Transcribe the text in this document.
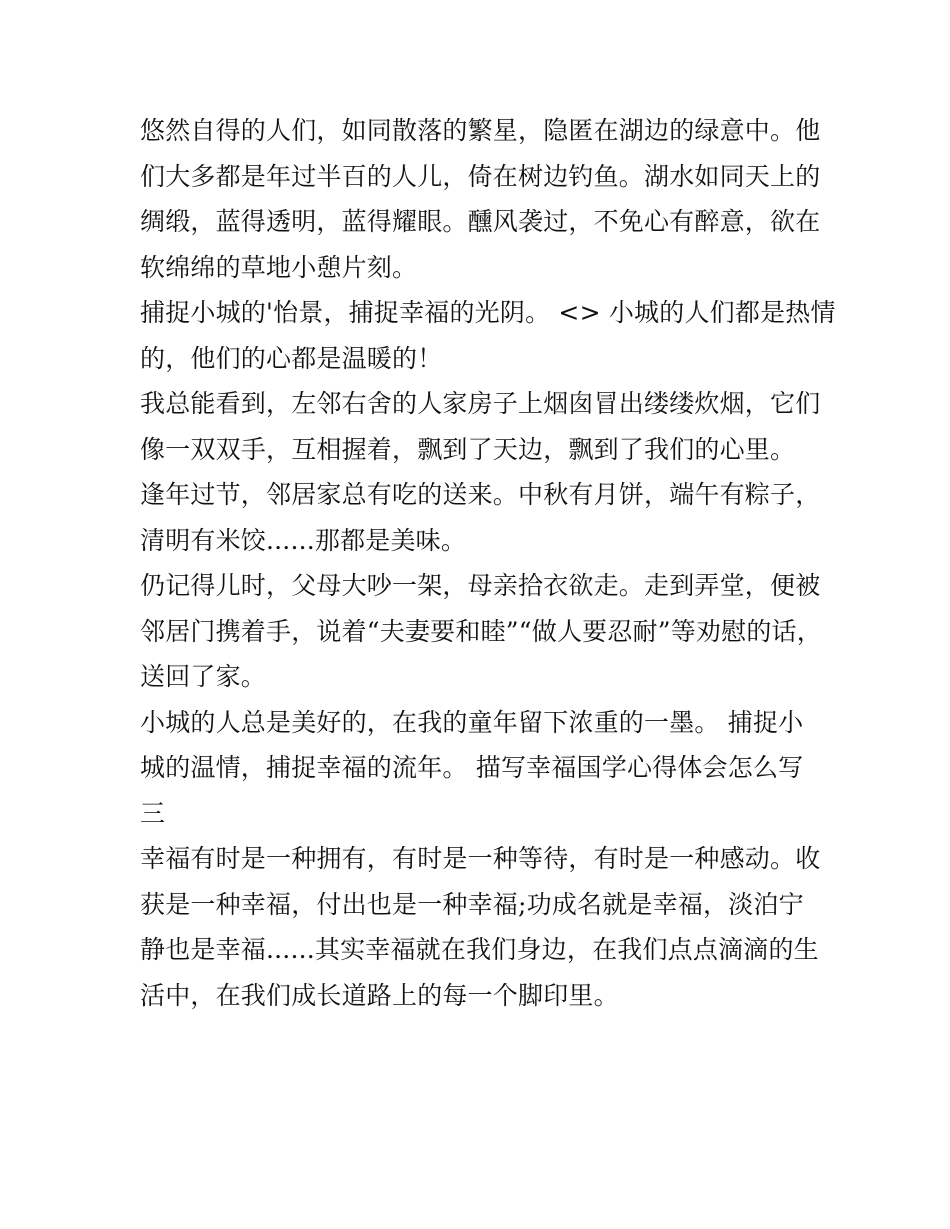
悠然自得的人们，如同散落的繁星，隐匿在湖边的绿意中。他
们大多都是年过半百的人儿，倚在树边钓鱼。湖水如同天上的
绸缎，蓝得透明，蓝得耀眼。醺风袭过，不免心有醉意，欲在
软绵绵的草地小憩片刻。

捕捉小城的'怡景，捕捉幸福的光阴。 <> 小城的人们都是热情
的，他们的心都是温暖的！

我总能看到，左邻右舍的人家房子上烟囱冒出缕缕炊烟，它们
像一双双手，互相握着，飘到了天边，飘到了我们的心里。

逢年过节，邻居家总有吃的送来。中秋有月饼，端午有粽子，
清明有米饺......那都是美味。

仍记得儿时，父母大吵一架，母亲拾衣欲走。走到弄堂，便被
邻居门携着手，说着“夫妻要和睦”“做人要忍耐”等劝慰的话，
送回了家。

小城的人总是美好的，在我的童年留下浓重的一墨。 捕捉小
城的温情，捕捉幸福的流年。 描写幸福国学心得体会怎么写
三

幸福有时是一种拥有，有时是一种等待，有时是一种感动。收
获是一种幸福，付出也是一种幸福;功成名就是幸福，淡泊宁
静也是幸福......其实幸福就在我们身边，在我们点点滴滴的生
活中，在我们成长道路上的每一个脚印里。
